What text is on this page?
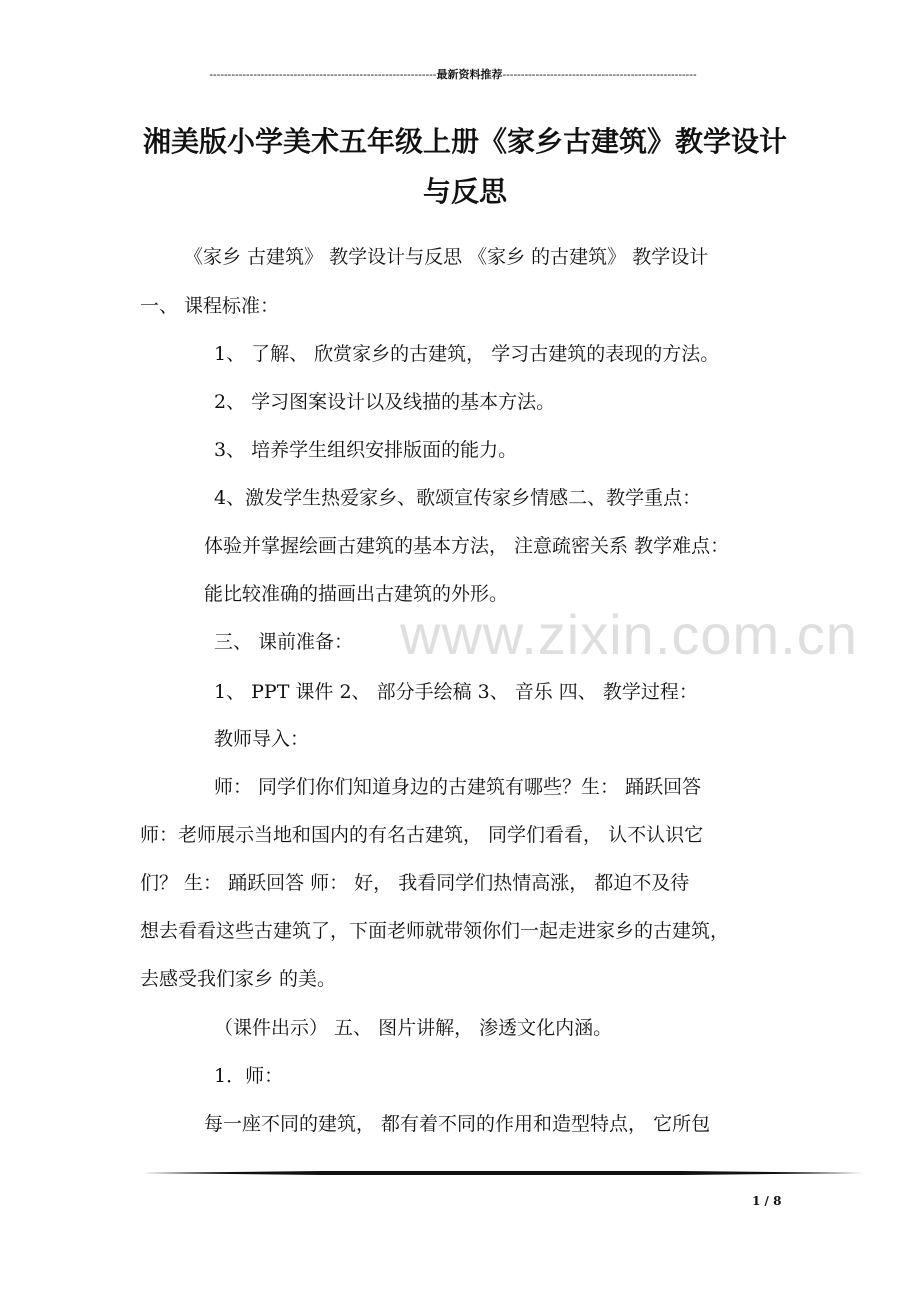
--------------------------------------------------------------最新资料推荐-----------------------------------------------------
湘美版小学美术五年级上册《家乡古建筑》教学设计
与反思
《家乡 古建筑》 教学设计与反思 《家乡 的古建筑》 教学设计
一、 课程标准：
1、 了解、 欣赏家乡的古建筑， 学习古建筑的表现的方法。
2、 学习图案设计以及线描的基本方法。
3、 培养学生组织安排版面的能力。
4、激发学生热爱家乡、歌颂宣传家乡情感二、教学重点：
体验并掌握绘画古建筑的基本方法， 注意疏密关系 教学难点：
能比较准确的描画出古建筑的外形。
三、 课前准备：
1、 PPT 课件 2、 部分手绘稿 3、 音乐 四、 教学过程：
教师导入：
师： 同学们你们知道身边的古建筑有哪些？生： 踊跃回答
师：老师展示当地和国内的有名古建筑， 同学们看看， 认不认识它
们？ 生： 踊跃回答 师： 好， 我看同学们热情高涨， 都迫不及待
想去看看这些古建筑了，下面老师就带领你们一起走进家乡的古建筑，
去感受我们家乡 的美。
（课件出示） 五、 图片讲解， 渗透文化内涵。
1．师：
每一座不同的建筑， 都有着不同的作用和造型特点， 它所包
www.zixin.com.cn
1 / 8
